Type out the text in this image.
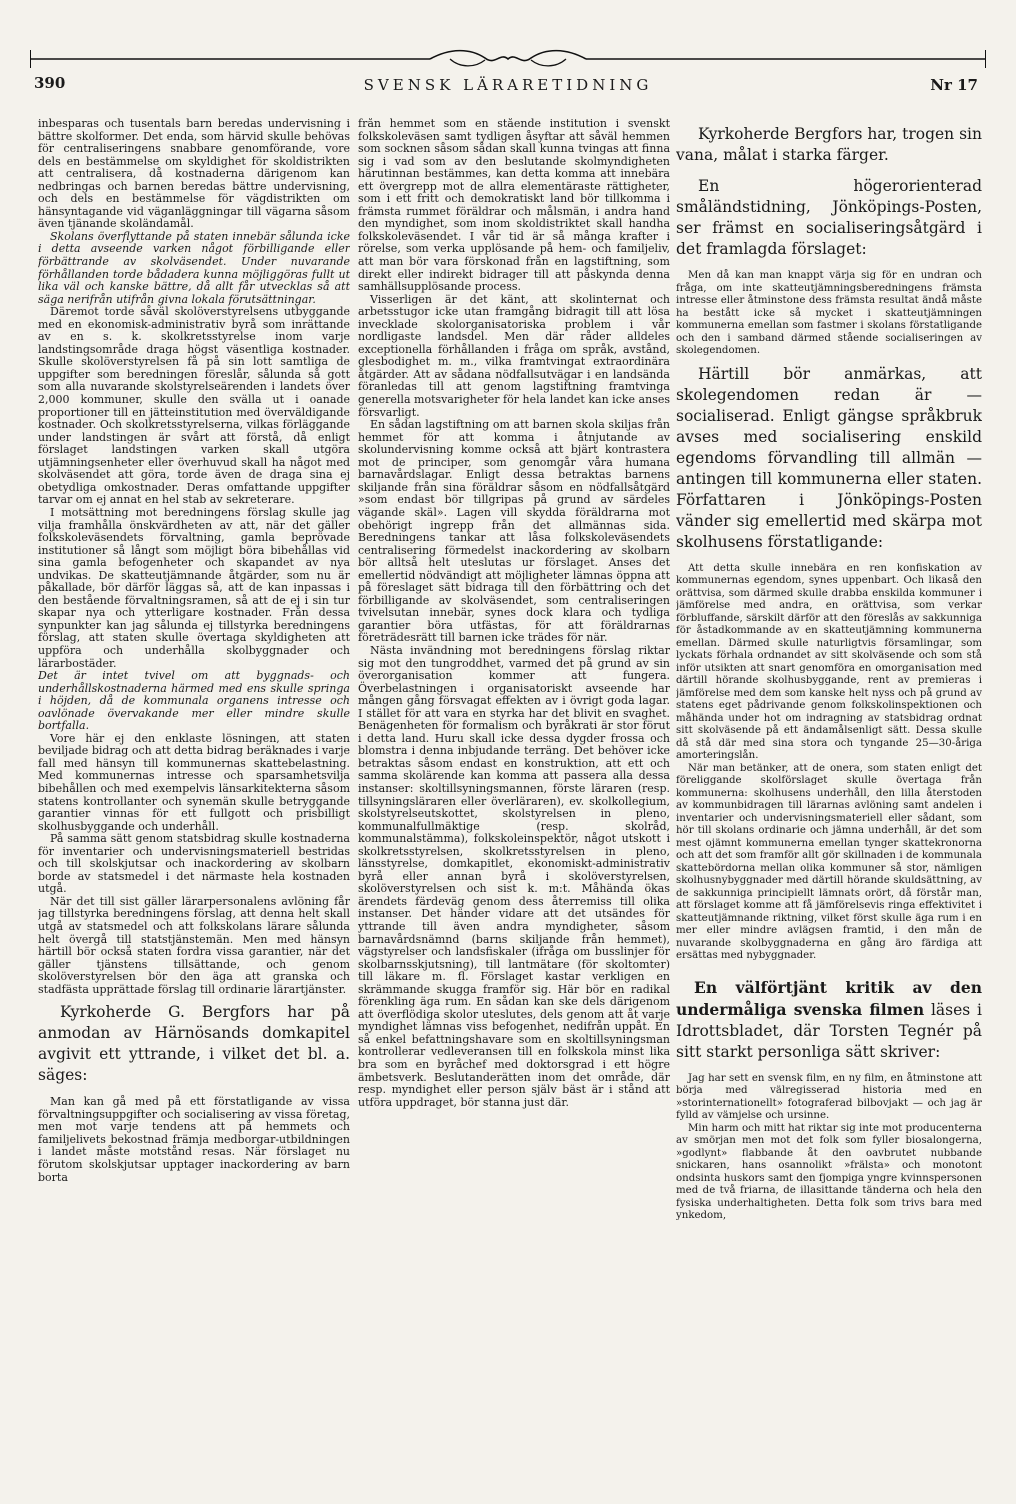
390	SVENSK LÄRARETIDNING	Nr 17

inbesparas och tusentals barn beredas undervisning i bättre skolformer. Det enda, som härvid skulle behövas för centraliseringens snabbare genomförande, vore dels en bestämmelse om skyldighet för skoldistrikten att centralisera, då kostnaderna därigenom kan nedbringas och barnen beredas bättre undervisning, och dels en bestämmelse för vägdistrikten om hänsyntagande vid väganläggningar till vägarna såsom även tjänande skoländamål.

Skolans överflyttande på staten innebär sålunda icke i detta avseende varken något förbilligande eller förbättrande av skolväsendet. Under nuvarande förhållanden torde bådadera kunna möjliggöras fullt ut lika väl och kanske bättre, då allt får utvecklas så att säga nerifrån utifrån givna lokala förutsättningar.

Däremot torde såväl skolöverstyrelsens utbyggande med en ekonomisk-administrativ byrå som inrättande av en s. k. skolkretsstyrelse inom varje landstingsområde draga högst väsentliga kostnader. Skulle skolöverstyrelsen få på sin lott samtliga de uppgifter som beredningen föreslår, sålunda så gott som alla nuvarande skolstyrelseärenden i landets över 2,000 kommuner, skulle den svälla ut i oanade proportioner till en jätteinstitution med överväldigande kostnader. Och skolkretsstyrelserna, vilkas förläggande under landstingen är svårt att förstå, då enligt förslaget landstingen varken skall utgöra utjämningsenheter eller överhuvud skall ha något med skolväsendet att göra, torde även de draga sina ej obetydliga omkostnader. Deras omfattande uppgifter tarvar om ej annat en hel stab av sekreterare.

I motsättning mot beredningens förslag skulle jag vilja framhålla önskvärdheten av att, när det gäller folkskoleväsendets förvaltning, gamla beprövade institutioner så långt som möjligt böra bibehållas vid sina gamla befogenheter och skapandet av nya undvikas. De skatteutjämnande åtgärder, som nu är påkallade, bör därför läggas så, att de kan inpassas i den bestående förvaltningsramen, så att de ej i sin tur skapar nya och ytterligare kostnader. Från dessa synpunkter kan jag sålunda ej tillstyrka beredningens förslag, att staten skulle övertaga skyldigheten att uppföra och underhålla skolbyggnader och lärarbostäder.

Det är intet tvivel om att byggnads- och underhållskostnaderna härmed med ens skulle springa i höjden, då de kommunala organens intresse och oavlönade övervakande mer eller mindre skulle bortfalla.

Vore här ej den enklaste lösningen, att staten beviljade bidrag och att detta bidrag beräknades i varje fall med hänsyn till kommunernas skattebelastning. Med kommunernas intresse och sparsamhetsvilja bibehållen och med exempelvis länsarkitekterna såsom statens kontrollanter och synemän skulle betryggande garantier vinnas för ett fullgott och prisbilligt skolhusbyggande och underhåll.

På samma sätt genom statsbidrag skulle kostnaderna för inventarier och undervisningsmateriell bestridas och till skolskjutsar och inackordering av skolbarn borde av statsmedel i det närmaste hela kostnaden utgå.

När det till sist gäller lärarpersonalens avlöning får jag tillstyrka beredningens förslag, att denna helt skall utgå av statsmedel och att folkskolans lärare sålunda helt övergå till statstjänstemän. Men med hänsyn härtill bör också staten fordra vissa garantier, när det gäller tjänstens tillsättande, och genom skolöverstyrelsen bör den äga att granska och stadfästa upprättade förslag till ordinarie lärartjänster.

Kyrkoherde G. Bergfors har på anmodan av Härnösands domkapitel avgivit ett yttrande, i vilket det bl. a. säges:

Man kan gå med på ett förstatligande av vissa förvaltningsuppgifter och socialisering av vissa företag, men mot varje tendens att på hemmets och familjelivets bekostnad främja medborgar-utbildningen i landet måste motstånd resas. När förslaget nu förutom skolskjutsar upptager inackordering av barn borta

från hemmet som en stående institution i svenskt folkskoleväsen samt tydligen åsyftar att såväl hemmen som socknen såsom sådan skall kunna tvingas att finna sig i vad som av den beslutande skolmyndigheten härutinnan bestämmes, kan detta komma att innebära ett övergrepp mot de allra elementäraste rättigheter, som i ett fritt och demokratiskt land bör tillkomma i främsta rummet föräldrar och målsmän, i andra hand den myndighet, som inom skoldistriktet skall handha folkskoleväsendet. I vår tid är så många krafter i rörelse, som verka upplösande på hem- och familjeliv, att man bör vara förskonad från en lagstiftning, som direkt eller indirekt bidrager till att påskynda denna samhällsupplösande process.

Visserligen är det känt, att skolinternat och arbetsstugor icke utan framgång bidragit till att lösa invecklade skolorganisatoriska problem i vår nordligaste landsdel. Men där råder alldeles exceptionella förhållanden i fråga om språk, avstånd, glesbodighet m. m., vilka framtvingat extraordinära åtgärder. Att av sådana nödfallsutvägar i en landsända föranledas till att genom lagstiftning framtvinga generella motsvarigheter för hela landet kan icke anses försvarligt.

En sådan lagstiftning om att barnen skola skiljas från hemmet för att komma i åtnjutande av skolundervisning komme också att bjärt kontrastera mot de principer, som genomgår våra humana barnavårdslagar. Enligt dessa betraktas barnens skiljande från sina föräldrar såsom en nödfallsåtgärd »som endast bör tillgripas på grund av särdeles vägande skäl». Lagen vill skydda föräldrarna mot obehörigt ingrepp från det allmännas sida. Beredningens tankar att låsa folkskoleväsendets centralisering förmedelst inackordering av skolbarn bör alltså helt uteslutas ur förslaget. Anses det emellertid nödvändigt att möjligheter lämnas öppna att på föreslaget sätt bidraga till den förbättring och det förbilligande av skolväsendet, som centraliseringen tvivelsutan innebär, synes dock klara och tydliga garantier böra utfästas, för att föräldrarnas företrädesrätt till barnen icke trädes för när.

Nästa invändning mot beredningens förslag riktar sig mot den tungroddhet, varmed det på grund av sin överorganisation kommer att fungera. Överbelastningen i organisatoriskt avseende har mången gång försvagat effekten av i övrigt goda lagar. I stället för att vara en styrka har det blivit en svaghet. Benägenheten för formalism och byråkrati är stor förut i detta land. Huru skall icke dessa dygder frossa och blomstra i denna inbjudande terräng. Det behöver icke betraktas såsom endast en konstruktion, att ett och samma skolärende kan komma att passera alla dessa instanser: skoltillsyningsmannen, förste läraren (resp. tillsyningsläraren eller överläraren), ev. skolkollegium, skolstyrelseutskottet, skolstyrelsen in pleno, kommunalfullmäktige (resp. skolråd, kommunalstämma), folkskoleinspektör, något utskott i skolkretsstyrelsen, skolkretsstyrelsen in pleno, länsstyrelse, domkapitlet, ekonomiskt-administrativ byrå eller annan byrå i skolöverstyrelsen, skolöverstyrelsen och sist k. m:t. Måhända ökas ärendets färdeväg genom dess återremiss till olika instanser. Det händer vidare att det utsändes för yttrande till även andra myndigheter, såsom barnavårdsnämnd (barns skiljande från hemmet), vägstyrelser och landsfiskaler (ifråga om busslinjer för skolbarnsskjutsning), till lantmätare (för skoltomter) till läkare m. fl. Förslaget kastar verkligen en skrämmande skugga framför sig. Här bör en radikal förenkling äga rum. En sådan kan ske dels därigenom att överflödiga skolor uteslutes, dels genom att åt varje myndighet lämnas viss befogenhet, nedifrån uppåt. En så enkel befattningshavare som en skoltillsyningsman kontrollerar vedleveransen till en folkskola minst lika bra som en byråchef med doktorsgrad i ett högre ämbetsverk. Beslutanderätten inom det område, där resp. myndighet eller person själv bäst är i stånd att utföra uppdraget, bör stanna just där.

Kyrkoherde Bergfors har, trogen sin vana, målat i starka färger.

En högerorienterad småländstidning, Jönköpings-Posten, ser främst en socialiseringsåtgärd i det framlagda förslaget:

Men då kan man knappt värja sig för en undran och fråga, om inte skatteutjämningsberedningens främsta intresse eller åtminstone dess främsta resultat ändå måste ha bestått icke så mycket i skatteutjämningen kommunerna emellan som fastmer i skolans förstatligande och den i samband därmed stående socialiseringen av skolegendomen.

Härtill bör anmärkas, att skolegendomen redan är — socialiserad. Enligt gängse språkbruk avses med socialisering enskild egendoms förvandling till allmän — antingen till kommunerna eller staten. Författaren i Jönköpings-Posten vänder sig emellertid med skärpa mot skolhusens förstatligande:

Att detta skulle innebära en ren konfiskation av kommunernas egendom, synes uppenbart. Och likaså den orättvisa, som därmed skulle drabba enskilda kommuner i jämförelse med andra, en orättvisa, som verkar förbluffande, särskilt därför att den föreslås av sakkunniga för åstadkommande av en skatteutjämning kommunerna emellan. Därmed skulle naturligtvis församlingar, som lyckats förhala ordnandet av sitt skolväsende och som stå inför utsikten att snart genomföra en omorganisation med därtill hörande skolhusbyggande, rent av premieras i jämförelse med dem som kanske helt nyss och på grund av statens eget pådrivande genom folkskolinspektionen och måhända under hot om indragning av statsbidrag ordnat sitt skolväsende på ett ändamålsenligt sätt. Dessa skulle då stå där med sina stora och tyngande 25—30-åriga amorteringslån.

När man betänker, att de onera, som staten enligt det föreliggande skolförslaget skulle övertaga från kommunerna: skolhusens underhåll, den lilla återstoden av kommunbidragen till lärarnas avlöning samt andelen i inventarier och undervisningsmateriell eller sådant, som hör till skolans ordinarie och jämna underhåll, är det som mest ojämnt kommunerna emellan tynger skattekronorna och att det som framför allt gör skillnaden i de kommunala skattebördorna mellan olika kommuner så stor, nämligen skolhusnybyggnader med därtill hörande skuldsättning, av de sakkunniga principiellt lämnats orört, då förstår man, att förslaget komme att få jämförelsevis ringa effektivitet i skatteutjämnande riktning, vilket först skulle äga rum i en mer eller mindre avlägsen framtid, i den mån de nuvarande skolbyggnaderna en gång äro färdiga att ersättas med nybyggnader.

En välförtjänt kritik av den undermåliga svenska filmen läses i Idrottsbladet, där Torsten Tegnér på sitt starkt personliga sätt skriver:

Jag har sett en svensk film, en ny film, en åtminstone att börja med välregisserad historia med en »storinternationellt» fotograferad bilbovjakt — och jag är fylld av vämjelse och ursinne.

Min harm och mitt hat riktar sig inte mot producenterna av smörjan men mot det folk som fyller biosalongerna, »godlynt» flabbande åt den oavbrutet nubbande snickaren, hans osannolikt »frälsta» och monotont ondsinta huskors samt den fjompiga yngre kvinnspersonen med de två friarna, de illasittande tänderna och hela den fysiska underhaltigheten. Detta folk som trivs bara med ynkedom,
